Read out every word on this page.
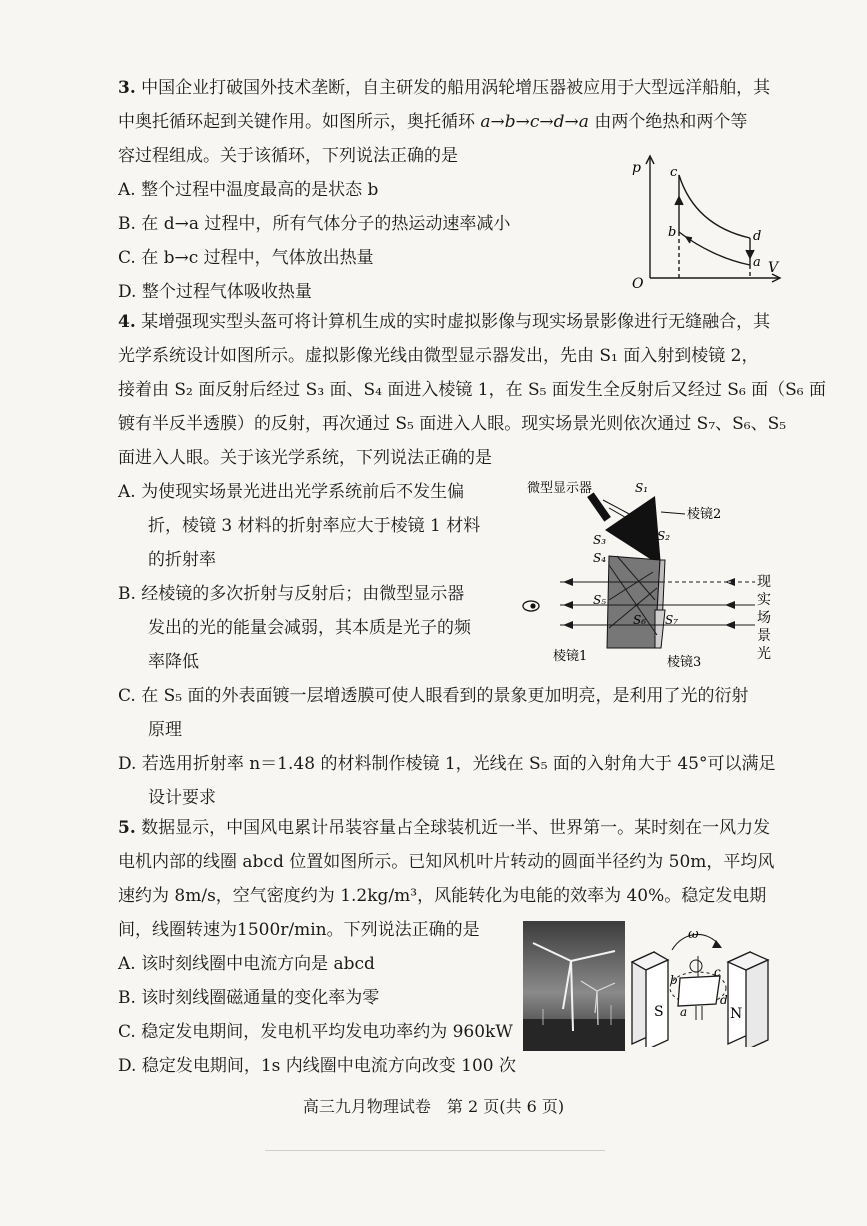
3. 中国企业打破国外技术垄断，自主研发的船用涡轮增压器被应用于大型远洋船舶，其
中奥托循环起到关键作用。如图所示，奥托循环 a→b→c→d→a 由两个绝热和两个等
容过程组成。关于该循环，下列说法正确的是
A. 整个过程中温度最高的是状态 b
B. 在 d→a 过程中，所有气体分子的热运动速率减小
C. 在 b→c 过程中，气体放出热量
D. 整个过程气体吸收热量
p
O
V
c
b	d
a
4. 某增强现实型头盔可将计算机生成的实时虚拟影像与现实场景影像进行无缝融合，其
光学系统设计如图所示。虚拟影像光线由微型显示器发出，先由 S₁ 面入射到棱镜 2，
接着由 S₂ 面反射后经过 S₃ 面、S₄ 面进入棱镜 1，在 S₅ 面发生全反射后又经过 S₆ 面（S₆ 面
镀有半反半透膜）的反射，再次通过 S₅ 面进入人眼。现实场景光则依次通过 S₇、S₆、S₅
面进入人眼。关于该光学系统，下列说法正确的是
A. 为使现实场景光进出光学系统前后不发生偏
折，棱镜 3 材料的折射率应大于棱镜 1 材料
的折射率
B. 经棱镜的多次折射与反射后；由微型显示器
发出的光的能量会减弱，其本质是光子的频
率降低
C. 在 S₅ 面的外表面镀一层增透膜可使人眼看到的景象更加明亮，是利用了光的衍射
原理
D. 若选用折射率 n＝1.48 的材料制作棱镜 1，光线在 S₅ 面的入射角大于 45°可以满足
设计要求
微型显示器
棱镜2
S₁
S₂
S₃
S₄
S₅
S₆ S₇
棱镜1	棱镜3
现
实
场
景
光
5. 数据显示，中国风电累计吊装容量占全球装机近一半、世界第一。某时刻在一风力发
电机内部的线圈 abcd 位置如图所示。已知风机叶片转动的圆面半径约为 50m，平均风
速约为 8m/s，空气密度约为 1.2kg/m³，风能转化为电能的效率为 40%。稳定发电期
间，线圈转速为1500r/min。下列说法正确的是
A. 该时刻线圈中电流方向是 abcd
B. 该时刻线圈磁通量的变化率为零
C. 稳定发电期间，发电机平均发电功率约为 960kW
D. 稳定发电期间，1s 内线圈中电流方向改变 100 次
S	N
ω
b
c
a
d
高三九月物理试卷　第 2 页(共 6 页)
